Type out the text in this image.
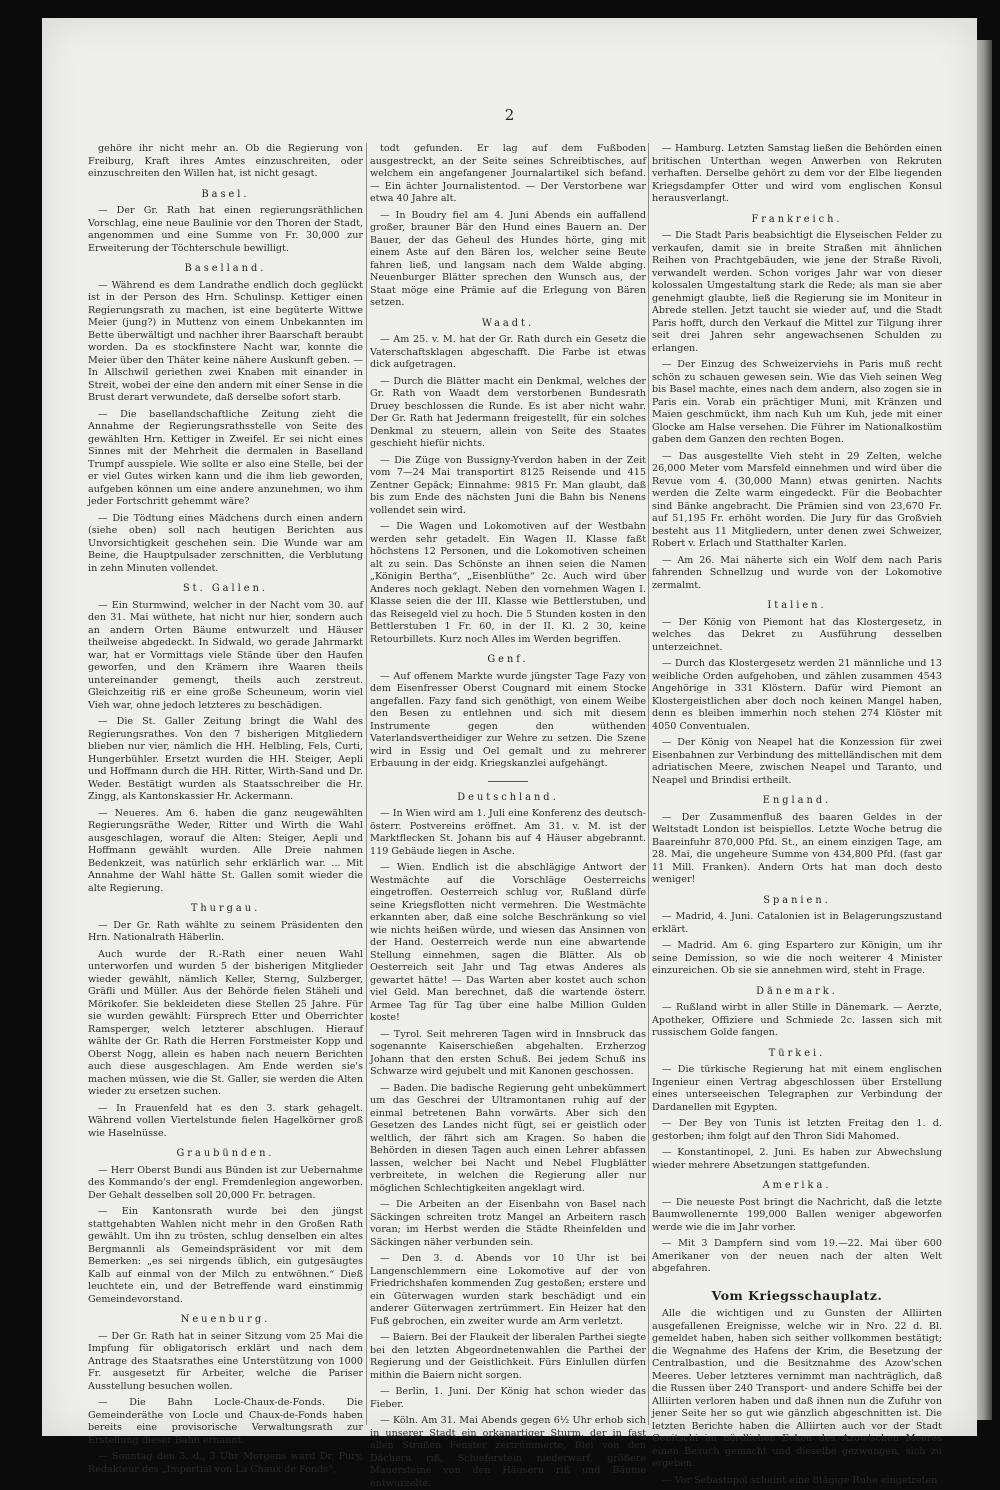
2
gehöre ihr nicht mehr an. Ob die Regierung von Freiburg, Kraft ihres Amtes einzuschreiten, oder einzuschreiten den Willen hat, ist nicht gesagt.
Basel.
— Der Gr. Rath hat einen regierungsräthlichen Vorschlag, eine neue Baulinie vor den Thoren der Stadt, angenommen und eine Summe von Fr. 30,000 zur Erweiterung der Töchterschule bewilligt.
Baselland.
— Während es dem Landrathe endlich doch geglückt ist in der Person des Hrn. Schulinsp. Kettiger einen Regierungsrath zu machen, ist eine begüterte Wittwe Meier (jung?) in Muttenz von einem Unbekannten im Bette überwältigt und nachher ihrer Baarschaft beraubt worden. Da es stockfinstere Nacht war, konnte die Meier über den Thäter keine nähere Auskunft geben. — In Allschwil geriethen zwei Knaben mit einander in Streit, wobei der eine den andern mit einer Sense in die Brust derart verwundete, daß derselbe sofort starb.
— Die basellandschaftliche Zeitung zieht die Annahme der Regierungsrathsstelle von Seite des gewählten Hrn. Kettiger in Zweifel. Er sei nicht eines Sinnes mit der Mehrheit die dermalen in Baselland Trumpf ausspiele. Wie sollte er also eine Stelle, bei der er viel Gutes wirken kann und die ihm lieb geworden, aufgeben können um eine andere anzunehmen, wo ihm jeder Fortschritt gehemmt wäre?
— Die Tödtung eines Mädchens durch einen andern (siehe oben) soll nach heutigen Berichten aus Unvorsichtigkeit geschehen sein. Die Wunde war am Beine, die Hauptpulsader zerschnitten, die Verblutung in zehn Minuten vollendet.
St. Gallen.
— Ein Sturmwind, welcher in der Nacht vom 30. auf den 31. Mai wüthete, hat nicht nur hier, sondern auch an andern Orten Bäume entwurzelt und Häuser theilweise abgedeckt. In Sidwald, wo gerade Jahrmarkt war, hat er Vormittags viele Stände über den Haufen geworfen, und den Krämern ihre Waaren theils untereinander gemengt, theils auch zerstreut. Gleichzeitig riß er eine große Scheuneum, worin viel Vieh war, ohne jedoch letzteres zu beschädigen.
— Die St. Galler Zeitung bringt die Wahl des Regierungsrathes. Von den 7 bisherigen Mitgliedern blieben nur vier, nämlich die HH. Helbling, Fels, Curti, Hungerbühler. Ersetzt wurden die HH. Steiger, Aepli und Hoffmann durch die HH. Ritter, Wirth-Sand und Dr. Weder. Bestätigt wurden als Staatsschreiber die Hr. Zingg, als Kantonskassier Hr. Ackermann.
— Neueres. Am 6. haben die ganz neugewählten Regierungsräthe Weder, Ritter und Wirth die Wahl ausgeschlagen, worauf die Alten: Steiger, Aepli und Hoffmann gewählt wurden. Alle Dreie nahmen Bedenkzeit, was natürlich sehr erklärlich war. ... Mit Annahme der Wahl hätte St. Gallen somit wieder die alte Regierung.
Thurgau.
— Der Gr. Rath wählte zu seinem Präsidenten den Hrn. Nationalrath Häberlin.
Auch wurde der R.-Rath einer neuen Wahl unterworfen und wurden 5 der bisherigen Mitglieder wieder gewählt, nämlich Keller, Sterng, Sulzberger, Gräfli und Müller. Aus der Behörde fielen Stäheli und Mörikofer. Sie bekleideten diese Stellen 25 Jahre. Für sie wurden gewählt: Fürsprech Etter und Oberrichter Ramsperger, welch letzterer abschlugen. Hierauf wählte der Gr. Rath die Herren Forstmeister Kopp und Oberst Nogg, allein es haben nach neuern Berichten auch diese ausgeschlagen. Am Ende werden sie's machen müssen, wie die St. Galler, sie werden die Alten wieder zu ersetzen suchen.
— In Frauenfeld hat es den 3. stark gehagelt. Während vollen Viertelstunde fielen Hagelkörner groß wie Haselnüsse.
Graubünden.
— Herr Oberst Bundi aus Bünden ist zur Uebernahme des Kommando's der engl. Fremdenlegion angeworben. Der Gehalt desselben soll 20,000 Fr. betragen.
— Ein Kantonsrath wurde bei den jüngst stattgehabten Wahlen nicht mehr in den Großen Rath gewählt. Um ihn zu trösten, schlug denselben ein altes Bergmannli als Gemeindspräsident vor mit dem Bemerken: „es sei nirgends üblich, ein gutgesäugtes Kalb auf einmal von der Milch zu entwöhnen.“ Dieß leuchtete ein, und der Betreffende ward einstimmig Gemeindevorstand.
Neuenburg.
— Der Gr. Rath hat in seiner Sitzung vom 25 Mai die Impfung für obligatorisch erklärt und nach dem Antrage des Staatsrathes eine Unterstützung von 1000 Fr. ausgesetzt für Arbeiter, welche die Pariser Ausstellung besuchen wollen.
— Die Bahn Locle-Chaux-de-Fonds. Die Gemeinderäthe von Locle und Chaux-de-Fonds haben bereits eine provisorische Verwaltungsrath zur Erstellung dieser Bahn ernannt.
— Sonntag den 3. d., 3 Uhr Morgens ward Dr. Pury, Redakteur des „Impartial von La Chaux de Fonds“,
todt gefunden. Er lag auf dem Fußboden ausgestreckt, an der Seite seines Schreibtisches, auf welchem ein angefangener Journalartikel sich befand. — Ein ächter Journalistentod. — Der Verstorbene war etwa 40 Jahre alt.
— In Boudry fiel am 4. Juni Abends ein auffallend großer, brauner Bär den Hund eines Bauern an. Der Bauer, der das Geheul des Hundes hörte, ging mit einem Aste auf den Bären los, welcher seine Beute fahren ließ, und langsam nach dem Walde abging. Neuenburger Blätter sprechen den Wunsch aus, der Staat möge eine Prämie auf die Erlegung von Bären setzen.
Waadt.
— Am 25. v. M. hat der Gr. Rath durch ein Gesetz die Vaterschaftsklagen abgeschafft. Die Farbe ist etwas dick aufgetragen.
— Durch die Blätter macht ein Denkmal, welches der Gr. Rath von Waadt dem verstorbenen Bundesrath Druey beschlossen die Runde. Es ist aber nicht wahr. Der Gr. Rath hat Jedermann freigestellt, für ein solches Denkmal zu steuern, allein von Seite des Staates geschieht hiefür nichts.
— Die Züge von Bussigny-Yverdon haben in der Zeit vom 7—24 Mai transportirt 8125 Reisende und 415 Zentner Gepäck; Einnahme: 9815 Fr. Man glaubt, daß bis zum Ende des nächsten Juni die Bahn bis Nenens vollendet sein wird.
— Die Wagen und Lokomotiven auf der Westbahn werden sehr getadelt. Ein Wagen II. Klasse faßt höchstens 12 Personen, und die Lokomotiven scheinen alt zu sein. Das Schönste an ihnen seien die Namen „Königin Bertha“, „Eisenblüthe“ 2c. Auch wird über Anderes noch geklagt. Neben den vornehmen Wagen I. Klasse seien die der III. Klasse wie Bettlerstuben, und das Reisegeld viel zu hoch. Die 5 Stunden kosten in den Bettlerstuben 1 Fr. 60, in der II. Kl. 2 30, keine Retourbillets. Kurz noch Alles im Werden begriffen.
Genf.
— Auf offenem Markte wurde jüngster Tage Fazy von dem Eisenfresser Oberst Cougnard mit einem Stocke angefallen. Fazy fand sich genöthigt, von einem Weibe den Besen zu entlehnen und sich mit diesem Instrumente gegen den wüthenden Vaterlandsvertheidiger zur Wehre zu setzen. Die Szene wird in Essig und Oel gemalt und zu mehrerer Erbauung in der eidg. Kriegskanzlei aufgehängt.
Deutschland.
— In Wien wird am 1. Juli eine Konferenz des deutsch-österr. Postvereins eröffnet. Am 31. v. M. ist der Marktflecken St. Johann bis auf 4 Häuser abgebrannt. 119 Gebäude liegen in Asche.
— Wien. Endlich ist die abschlägige Antwort der Westmächte auf die Vorschläge Oesterreichs eingetroffen. Oesterreich schlug vor, Rußland dürfe seine Kriegsflotten nicht vermehren. Die Westmächte erkannten aber, daß eine solche Beschränkung so viel wie nichts heißen würde, und wiesen das Ansinnen von der Hand. Oesterreich werde nun eine abwartende Stellung einnehmen, sagen die Blätter. Als ob Oesterreich seit Jahr und Tag etwas Anderes als gewartet hätte! — Das Warten aber kostet auch schon viel Geld. Man berechnet, daß die wartende österr. Armee Tag für Tag über eine halbe Million Gulden koste!
— Tyrol. Seit mehreren Tagen wird in Innsbruck das sogenannte Kaiserschießen abgehalten. Erzherzog Johann that den ersten Schuß. Bei jedem Schuß ins Schwarze wird gejubelt und mit Kanonen geschossen.
— Baden. Die badische Regierung geht unbekümmert um das Geschrei der Ultramontanen ruhig auf der einmal betretenen Bahn vorwärts. Aber sich den Gesetzen des Landes nicht fügt, sei er geistlich oder weltlich, der fährt sich am Kragen. So haben die Behörden in diesen Tagen auch einen Lehrer abfassen lassen, welcher bei Nacht und Nebel Flugblätter verbreitete, in welchen die Regierung aller nur möglichen Schlechtigkeiten angeklagt wird.
— Die Arbeiten an der Eisenbahn von Basel nach Säckingen schreiten trotz Mangel an Arbeitern rasch voran; im Herbst werden die Städte Rheinfelden und Säckingen näher verbunden sein.
— Den 3. d. Abends vor 10 Uhr ist bei Langenschlemmern eine Lokomotive auf der von Friedrichshafen kommenden Zug gestoßen; erstere und ein Güterwagen wurden stark beschädigt und ein anderer Güterwagen zertrümmert. Ein Heizer hat den Fuß gebrochen, ein zweiter wurde am Arm verletzt.
— Baiern. Bei der Flaukeit der liberalen Parthei siegte bei den letzten Abgeordnetenwahlen die Parthei der Regierung und der Geistlichkeit. Fürs Einlullen dürfen mithin die Baiern nicht sorgen.
— Berlin, 1. Juni. Der König hat schon wieder das Fieber.
— Köln. Am 31. Mai Abends gegen 6½ Uhr erhob sich in unserer Stadt ein orkanartiger Sturm, der in fast allen Straßen Fenster zertrümmerte, Blei von den Dächern riß, Schieferstein niederwarf, größere Mauersteine von den Häusern riß und Bäume entwurzelte.
— Hamburg. Letzten Samstag ließen die Behörden einen britischen Unterthan wegen Anwerben von Rekruten verhaften. Derselbe gehört zu dem vor der Elbe liegenden Kriegsdampfer Otter und wird vom englischen Konsul herausverlangt.
Frankreich.
— Die Stadt Paris beabsichtigt die Elyseischen Felder zu verkaufen, damit sie in breite Straßen mit ähnlichen Reihen von Prachtgebäuden, wie jene der Straße Rivoli, verwandelt werden. Schon voriges Jahr war von dieser kolossalen Umgestaltung stark die Rede; als man sie aber genehmigt glaubte, ließ die Regierung sie im Moniteur in Abrede stellen. Jetzt taucht sie wieder auf, und die Stadt Paris hofft, durch den Verkauf die Mittel zur Tilgung ihrer seit drei Jahren sehr angewachsenen Schulden zu erlangen.
— Der Einzug des Schweizerviehs in Paris muß recht schön zu schauen gewesen sein. Wie das Vieh seinen Weg bis Basel machte, eines nach dem andern, also zogen sie in Paris ein. Vorab ein prächtiger Muni, mit Kränzen und Maien geschmückt, ihm nach Kuh um Kuh, jede mit einer Glocke am Halse versehen. Die Führer im Nationalkostüm gaben dem Ganzen den rechten Bogen.
— Das ausgestellte Vieh steht in 29 Zelten, welche 26,000 Meter vom Marsfeld einnehmen und wird über die Revue vom 4. (30,000 Mann) etwas genirten. Nachts werden die Zelte warm eingedeckt. Für die Beobachter sind Bänke angebracht. Die Prämien sind von 23,670 Fr. auf 51,195 Fr. erhöht worden. Die Jury für das Großvieh besteht aus 11 Mitgliedern, unter denen zwei Schweizer, Robert v. Erlach und Statthalter Karlen.
— Am 26. Mai näherte sich ein Wolf dem nach Paris fahrenden Schnellzug und wurde von der Lokomotive zermalmt.
Italien.
— Der König von Piemont hat das Klostergesetz, in welches das Dekret zu Ausführung desselben unterzeichnet.
— Durch das Klostergesetz werden 21 männliche und 13 weibliche Orden aufgehoben, und zählen zusammen 4543 Angehörige in 331 Klöstern. Dafür wird Piemont an Klostergeistlichen aber doch noch keinen Mangel haben, denn es bleiben immerhin noch stehen 274 Klöster mit 4050 Conventualen.
— Der König von Neapel hat die Konzession für zwei Eisenbahnen zur Verbindung des mittelländischen mit dem adriatischen Meere, zwischen Neapel und Taranto, und Neapel und Brindisi ertheilt.
England.
— Der Zusammenfluß des baaren Geldes in der Weltstadt London ist beispiellos. Letzte Woche betrug die Baareinfuhr 870,000 Pfd. St., an einem einzigen Tage, am 28. Mai, die ungeheure Summe von 434,800 Pfd. (fast gar 11 Mill. Franken). Andern Orts hat man doch desto weniger!
Spanien.
— Madrid, 4. Juni. Catalonien ist in Belagerungszustand erklärt.
— Madrid. Am 6. ging Espartero zur Königin, um ihr seine Demission, so wie die noch weiterer 4 Minister einzureichen. Ob sie sie annehmen wird, steht in Frage.
Dänemark.
— Rußland wirbt in aller Stille in Dänemark. — Aerzte, Apotheker, Offiziere und Schmiede 2c. lassen sich mit russischem Golde fangen.
Türkei.
— Die türkische Regierung hat mit einem englischen Ingenieur einen Vertrag abgeschlossen über Erstellung eines unterseeischen Telegraphen zur Verbindung der Dardanellen mit Egypten.
— Der Bey von Tunis ist letzten Freitag den 1. d. gestorben; ihm folgt auf den Thron Sidi Mahomed.
— Konstantinopel, 2. Juni. Es haben zur Abwechslung wieder mehrere Absetzungen stattgefunden.
Amerika.
— Die neueste Post bringt die Nachricht, daß die letzte Baumwollenernte 199,000 Ballen weniger abgeworfen werde wie die im Jahr vorher.
— Mit 3 Dampfern sind vom 19.—22. Mai über 600 Amerikaner von der neuen nach der alten Welt abgefahren.
Vom Kriegsschauplatz.
Alle die wichtigen und zu Gunsten der Alliirten ausgefallenen Ereignisse, welche wir in Nro. 22 d. Bl. gemeldet haben, haben sich seither vollkommen bestätigt; die Wegnahme des Hafens der Krim, die Besetzung der Centralbastion, und die Besitznahme des Azow'schen Meeres. Ueber letzteres vernimmt man nachträglich, daß die Russen über 240 Transport- und andere Schiffe bei der Alliirten verloren haben und daß ihnen nun die Zufuhr von jener Seite her so gut wie gänzlich abgeschnitten ist. Die letzten Berichte haben die Alliirten auch vor der Stadt Genitschi im nördlichen Ecken des Azow'schen Meeres einen Besuch gemacht und dieselbe gezwungen, sich zu ergeben.
— Vor Sebastopol scheint eine 8tägige Ruhe eingetreten
